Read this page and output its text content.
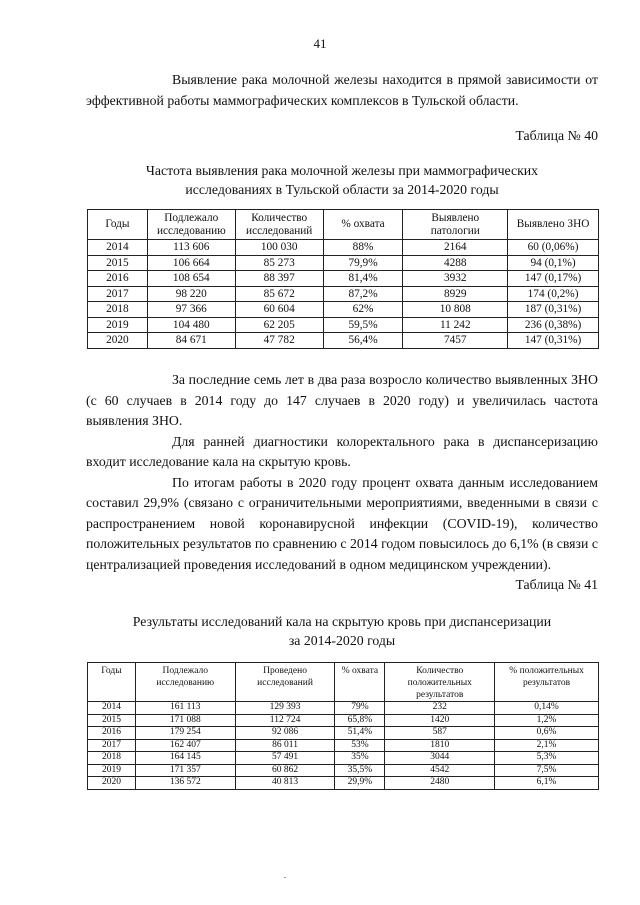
41
Выявление рака молочной железы находится в прямой зависимости от эффективной работы маммографических комплексов в Тульской области.
Таблица № 40
Частота выявления рака молочной железы при маммографических
исследованиях в Тульской области за 2014-2020 годы
Годы	Подлежало исследованию	Количество исследований	% охвата	Выявлено патологии	Выявлено ЗНО
2014	113 606	100 030	88%	2164	60 (0,06%)
2015	106 664	85 273	79,9%	4288	94 (0,1%)
2016	108 654	88 397	81,4%	3932	147 (0,17%)
2017	98 220	85 672	87,2%	8929	174 (0,2%)
2018	97 366	60 604	62%	10 808	187 (0,31%)
2019	104 480	62 205	59,5%	11 242	236 (0,38%)
2020	84 671	47 782	56,4%	7457	147 (0,31%)
За последние семь лет в два раза возросло количество выявленных ЗНО (с 60 случаев в 2014 году до 147 случаев в 2020 году) и увеличилась частота выявления ЗНО.
Для ранней диагностики колоректального рака в диспансеризацию входит исследование кала на скрытую кровь.
По итогам работы в 2020 году процент охвата данным исследованием составил 29,9% (связано с ограничительными мероприятиями, введенными в связи с распространением новой коронавирусной инфекции (COVID-19), количество положительных результатов по сравнению с 2014 годом повысилось до 6,1% (в связи с централизацией проведения исследований в одном медицинском учреждении).
Таблица № 41
Результаты исследований кала на скрытую кровь при диспансеризации
за 2014-2020 годы
Годы	Подлежало исследованию	Проведено исследований	% охвата	Количество положительных результатов	% положительных результатов
2014	161 113	129 393	79%	232	0,14%
2015	171 088	112 724	65,8%	1420	1,2%
2016	179 254	92 086	51,4%	587	0,6%
2017	162 407	86 011	53%	1810	2,1%
2018	164 145	57 491	35%	3044	5,3%
2019	171 357	60 862	35,5%	4542	7,5%
2020	136 572	40 813	29,9%	2480	6,1%
